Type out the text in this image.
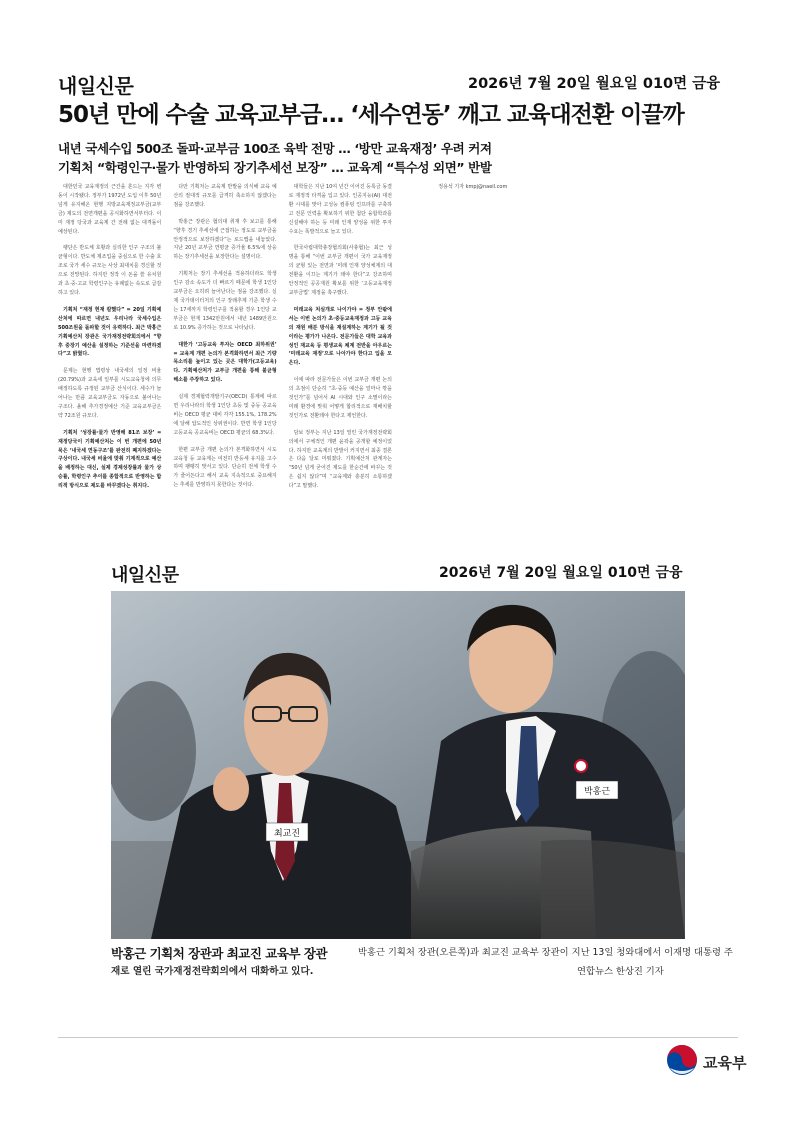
내일신문	2026년 7월 20일 월요일 010면 금융
50년 만에 수술 교육교부금… ‘세수연동’ 깨고 교육대전환 이끌까
내년 국세수입 500조 돌파·교부금 100조 육박 전망 … ‘방만 교육재정’ 우려 커져
기획처 “학령인구·물가 반영하되 장기추세선 보장” … 교육계 “특수성 외면” 반발

대한민국 교육재정의 근간을 흔드는 지각 변동이 시작됐다. 정부가 1972년 도입 이후 50년 넘게 유지해온 현행 지방교육재정교부금(교부금) 제도의 전면개편을 공식화하면서부터다. 이미 재정 당국과 교육계 간 전례 없는 대격돌이 예상된다.

팽단은 반도체 호황과 실리한 인구 구조의 불균형이다. 반도체 제조업을 중심으로 한 수출 호조로 국가 세수 규모는 사상 최대치를 경신할 것으로 전망된다. 하지만 정작 이 돈을 쓸 유치원과 초·중·고교 학령인구는 유례없는 속도로 급감하고 있다.

기획처 “재정 현재 칼했다” = 20일 기획예산처에 따르면 내년도 우리나라 국세수입은 500조원을 돌파할 것이 유력하다. 최근 박홍근 기획예산처 장관은 국가재정전략회의에서 “향후 중장기 예산을 설정하는 기준선을 마련하겠다”고 밝혔다.

문제는 현행 법령상 내국세의 일정 비율(20.79%)과 교육세 일부를 시도교육청에 의무 배정하도록 규정된 교부금 산식이다. 세수가 늘어나는 만큼 교육교부금도 자동으로 불어나는 구조다. 올해 추가경정예산 기준 교육교부금은 약 72조원 규모다.

기획처 ‘성장률·물가 반영해 81조 보장’ = 재정당국이 기획예산처는 이 번 개편에 50년 묵은 ‘내국세 연동구조’를 완전히 폐지하겠다는 구상이다. 내국세 비율에 맞춰 기계적으로 예산을 배정하는 대신, 실제 경제성장률과 물가 상승률, 학령인구 추이를 종합적으로 반영하는 합리적 방식으로 제도를 바꾸겠다는 취지다.

다만 기획처는 교육계 반발을 의식해 교육 예산의 절대적 규모를 급격히 축소하지 않겠다는 점을 강조했다.

박홍근 장관은 협의대 취재 후 보고를 통해 “향후 경기 추세선에 근접하는 정도로 교부금을 안정적으로 보장하겠다”는 로드맵을 내놓았다. 지난 20년 교부금 연평균 증가율 6.5%에 상응하는 장기추세선을 보장한다는 설명이다.

기획처는 장기 추세선을 적용하더라도 학생 인구 감소 속도가 더 빠르기 때문에 학생 1인당 교부금은 오히려 늘어난다는 점을 강조했다. 실제 국가데이터처의 인구 장래추계 기준 학생 수는 17세까지 학령인구를 적용할 경우 1인당 교부금은 현재 1342만원에서 내년 1489만원으로 10.9% 증가하는 것으로 나타났다.

대한가 ‘고등교육 투자는 OECD 최하위권’ = 교육계 개편 논의가 본격화하면서 최근 기량 목소리를 높이고 있는 곳은 대학가(고등교육)다. 기획예산처가 교부금 개편을 통해 불균형 해소를 주장하고 있다.

실제 경제협력개발기구(OECD) 통계에 따르면 우리나라의 학생 1인당 초등 및 중등 공교육비는 OECD 평균 대비 각각 155.1%, 178.2%에 달해 압도적인 상위권이다. 반면 학생 1인당 고등교육 공교육비는 OECD 평균의 68.3%다.

한편 교부금 개편 논의가 본격화하면서 시도교육청 등 교육계는 여전히 반등세 유지를 고수하며 팽팽히 맞서고 있다. 단순히 전체 학생 수가 줄어든다고 해서 교육 지속적으로 중요해지는 추세를 반영하지 못한다는 것이다.

대학들은 지난 10여 년간 이어진 등록금 동결로 재정적 타격을 입고 있다. 인공지능(AI) 대전환 시대를 맞아 고성능 컴퓨팅 인프라를 구축하고 전문 인력을 확보하기 위한 첨단 융합학과를 신설해야 하는 등 미래 인재 양성을 위한 투자 수요는 폭발적으로 늘고 있다.

한국사립대학총장협의회(사총협)는 최근 성명을 통해 “이번 교부금 개편이 국가 교육재정의 균형 있는 전면과 ‘미래 인재 양성체계의 대전환을 이끄는 계기가 돼야 한다”고 강조하며 안정적인 공공재원 확보를 위한 ‘고등교육재정교부금법’ 제정을 촉구했다.

미래교육 처실개로 나이가야 = 정부 안팎에서는 이번 논의가 초·중등교육재정과 고등 교육의 재원 배분 방식을 재설계하는 계기가 될 것이라는 평가가 나온다. 전문가들은 대학 교육과 성인 재교육 등 평생교육 체계 전반을 아우르는 ‘미래교육 재정’으로 나아가야 한다고 입을 모은다.

이에 따라 전문가들은 이번 교부금 개편 논의의 초점이 단순히 “초·중등 예산을 얼마나 깎을 것인가”를 넘어서 AI 시대와 인구 소멸이라는 미래 환경에 맞춰 어떻게 합리적으로 재배치할 것인가로 전환돼야 한다고 제언한다.

담보 정부는 지난 13일 열린 국가재정전략회의에서 구체적인 개편 윤곽을 공개할 예정이었다. 하지만 교육계의 반발이 커지면서 최종 결론은 다음 달로 미뤄졌다. 기획예산처 관계자는 “50년 넘게 굳어진 제도를 한순간에 바꾸는 것은 쉽지 않다”며 “교육계와 충분히 소통하겠다”고 말했다.

정용석 기자 kmpj@naeil.com

내일신문	2026년 7월 20일 월요일 010면 금융
최교진
박홍근
박홍근 기획처 장관과 최교진 교육부 장관
재로 열린 국가재정전략회의에서 대화하고 있다.
박홍근 기획처 장관(오른쪽)과 최교진 교육부 장관이 지난 13일 청와대에서 이재명 대통령 주
연합뉴스 한상진 기자
교육부
